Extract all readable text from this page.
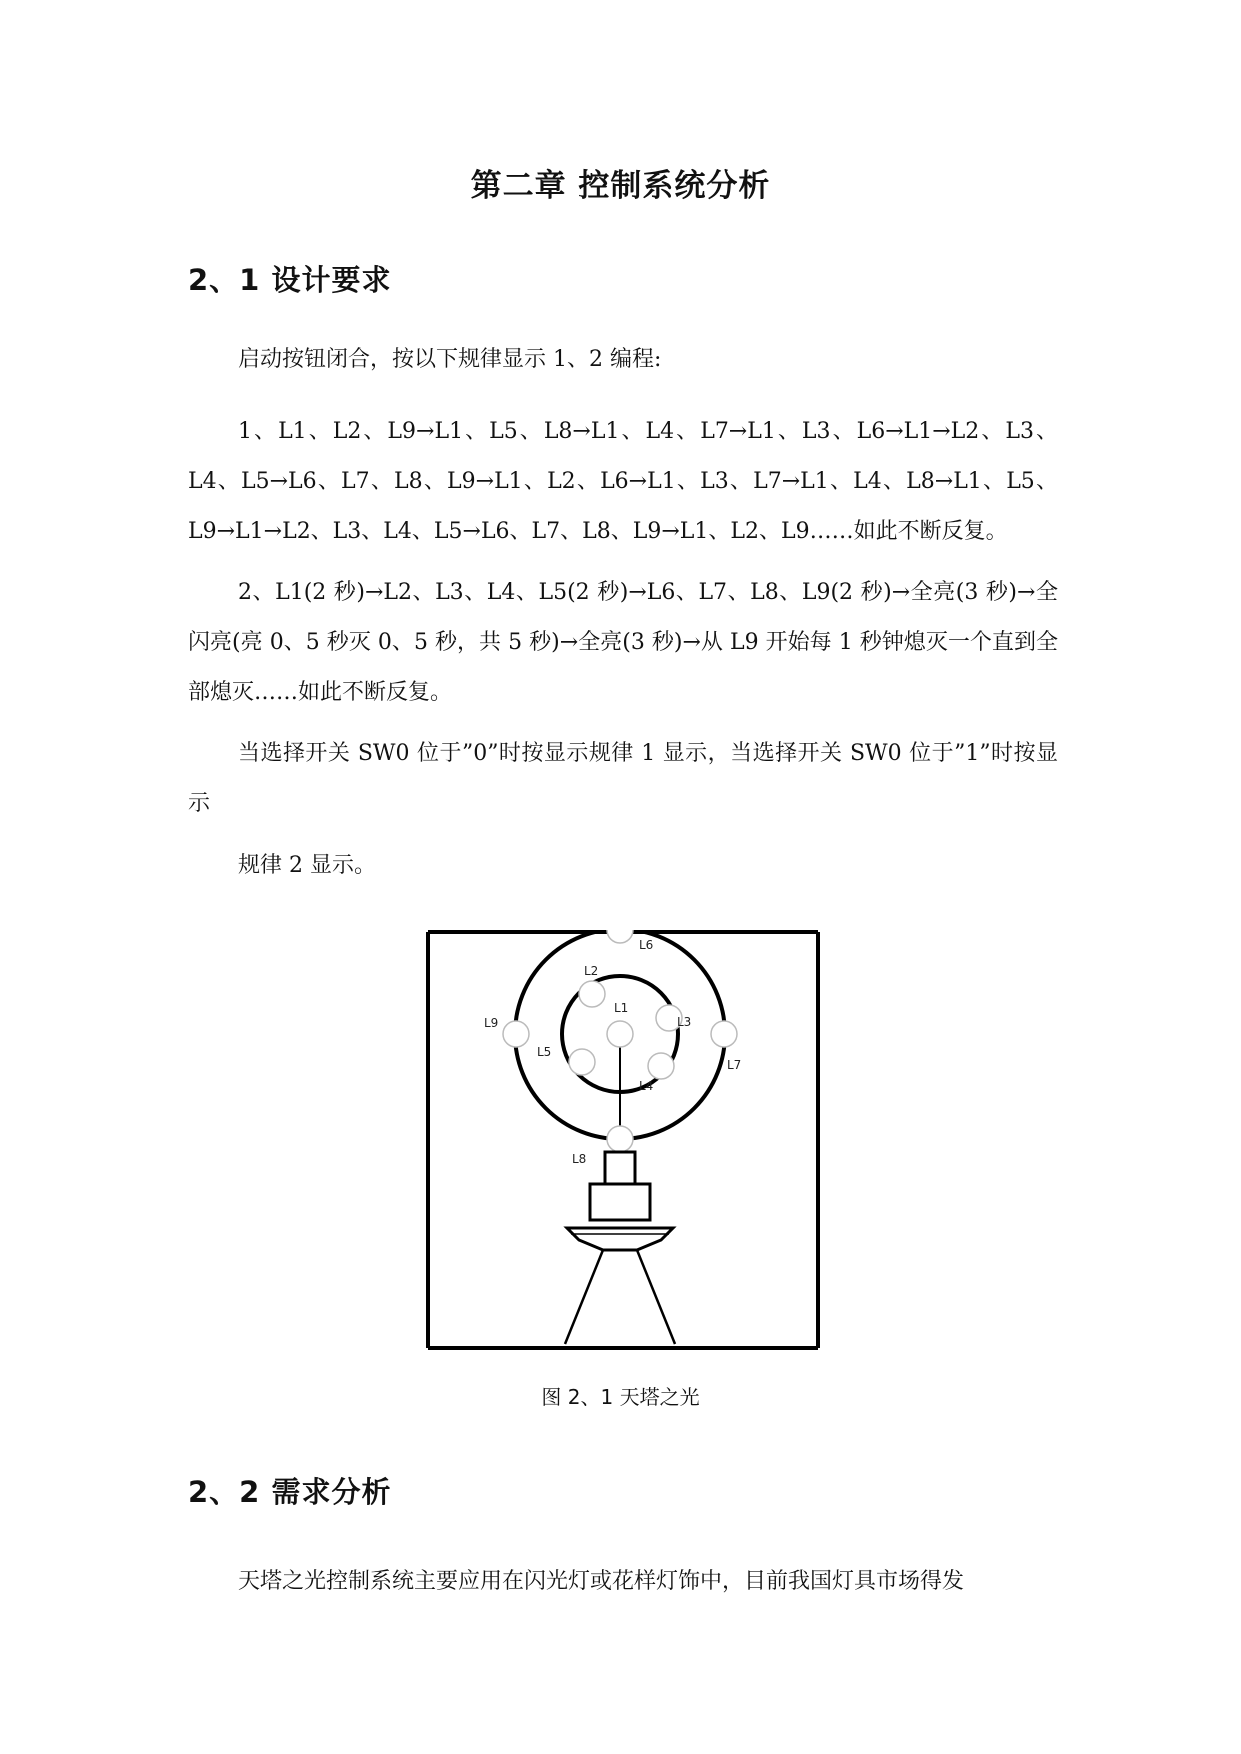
第二章 控制系统分析
2、1 设计要求
启动按钮闭合，按以下规律显示 1、2 编程:
1、L1、L2、L9→L1、L5、L8→L1、L4、L7→L1、L3、L6→L1→L2、L3、L4、L5→L6、L7、L8、L9→L1、L2、L6→L1、L3、L7→L1、L4、L8→L1、L5、L9→L1→L2、L3、L4、L5→L6、L7、L8、L9→L1、L2、L9……如此不断反复。
2、L1(2 秒)→L2、L3、L4、L5(2 秒)→L6、L7、L8、L9(2 秒)→全亮(3 秒)→全闪亮(亮 0、5 秒灭 0、5 秒，共 5 秒)→全亮(3 秒)→从 L9 开始每 1 秒钟熄灭一个直到全部熄灭……如此不断反复。
当选择开关 SW0 位于”0”时按显示规律 1 显示，当选择开关 SW0 位于”1”时按显示
规律 2 显示。
L1
L2
L3
L4
L5
L6
L7
L8
L9
图 2、1 天塔之光
2、2 需求分析
天塔之光控制系统主要应用在闪光灯或花样灯饰中，目前我国灯具市场得发
